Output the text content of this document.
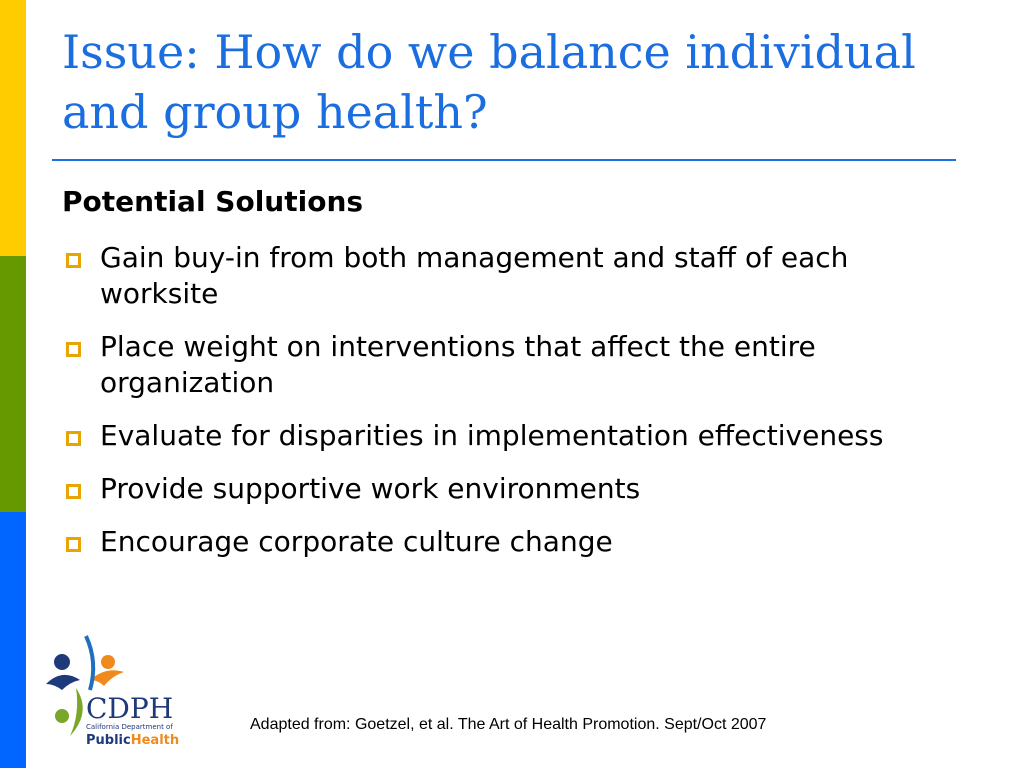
Issue: How do we balance individual and group health?
Potential Solutions
Gain buy-in from both management and staff of each worksite
Place weight on interventions that affect the entire organization
Evaluate for disparities in implementation effectiveness
Provide supportive work environments
Encourage corporate culture change
CDPH
California Department of
PublicHealth
Adapted from: Goetzel, et al. The Art of Health Promotion. Sept/Oct 2007
